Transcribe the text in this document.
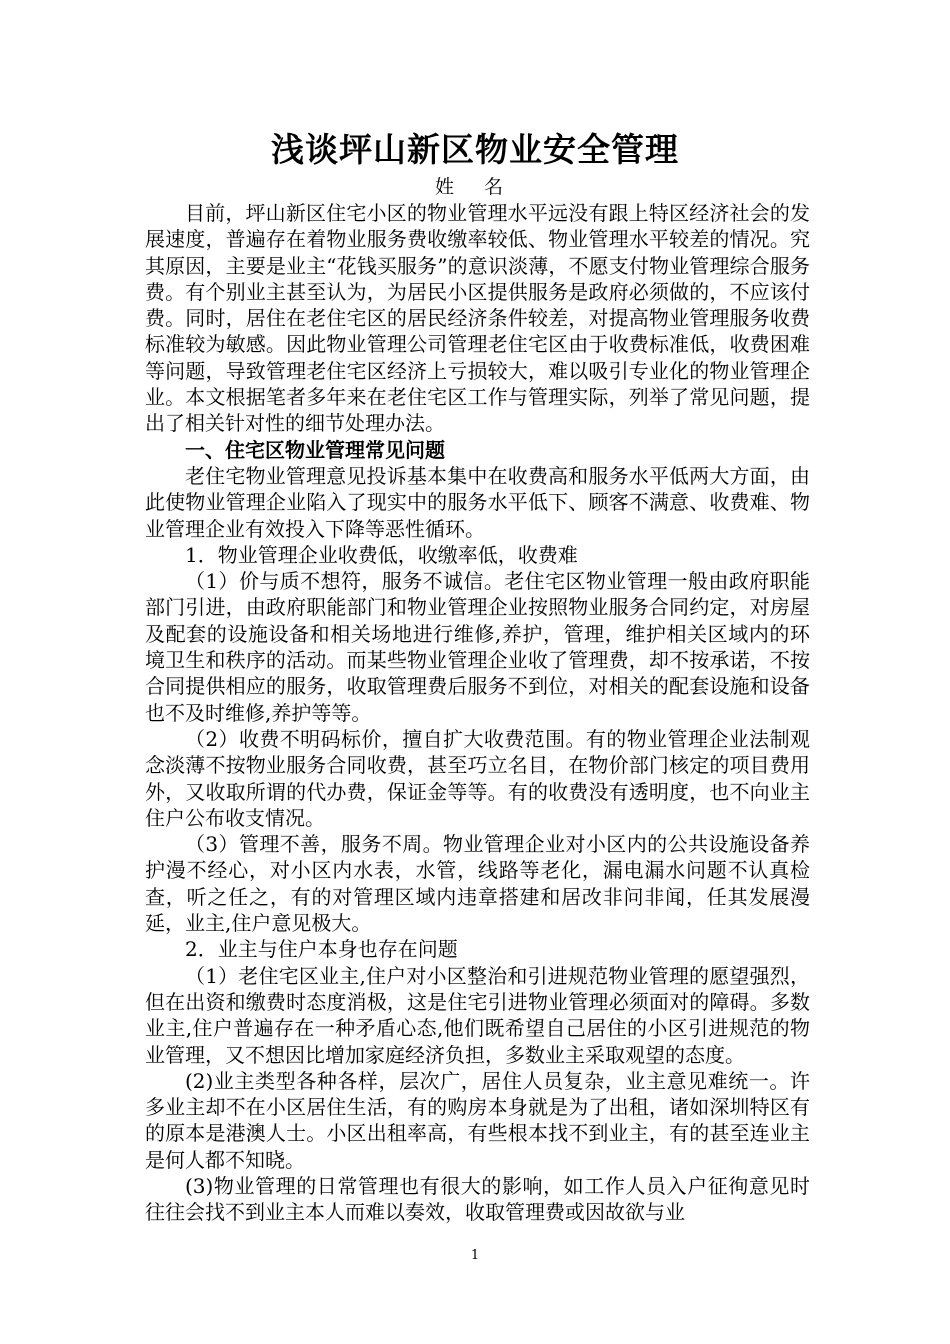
浅谈坪山新区物业安全管理
姓 名

目前，坪山新区住宅小区的物业管理水平远没有跟上特区经济社会的发展速度，普遍存在着物业服务费收缴率较低、物业管理水平较差的情况。究其原因，主要是业主“花钱买服务”的意识淡薄，不愿支付物业管理综合服务费。有个别业主甚至认为，为居民小区提供服务是政府必须做的，不应该付费。同时，居住在老住宅区的居民经济条件较差，对提高物业管理服务收费标准较为敏感。因此物业管理公司管理老住宅区由于收费标准低，收费困难等问题，导致管理老住宅区经济上亏损较大，难以吸引专业化的物业管理企业。本文根据笔者多年来在老住宅区工作与管理实际，列举了常见问题，提出了相关针对性的细节处理办法。

一、住宅区物业管理常见问题

老住宅物业管理意见投诉基本集中在收费高和服务水平低两大方面，由此使物业管理企业陷入了现实中的服务水平低下、顾客不满意、收费难、物业管理企业有效投入下降等恶性循环。

1．物业管理企业收费低，收缴率低，收费难

（1）价与质不想符，服务不诚信。老住宅区物业管理一般由政府职能部门引进，由政府职能部门和物业管理企业按照物业服务合同约定，对房屋及配套的设施设备和相关场地进行维修,养护，管理，维护相关区域内的环境卫生和秩序的活动。而某些物业管理企业收了管理费，却不按承诺，不按合同提供相应的服务，收取管理费后服务不到位，对相关的配套设施和设备也不及时维修,养护等等。

（2）收费不明码标价，擅自扩大收费范围。有的物业管理企业法制观念淡薄不按物业服务合同收费，甚至巧立名目，在物价部门核定的项目费用外，又收取所谓的代办费，保证金等等。有的收费没有透明度，也不向业主住户公布收支情况。

（3）管理不善，服务不周。物业管理企业对小区内的公共设施设备养护漫不经心，对小区内水表，水管，线路等老化，漏电漏水问题不认真检查，听之任之，有的对管理区域内违章搭建和居改非问非闻，任其发展漫延，业主,住户意见极大。

2．业主与住户本身也存在问题

（1）老住宅区业主,住户对小区整治和引进规范物业管理的愿望强烈，但在出资和缴费时态度消极，这是住宅引进物业管理必须面对的障碍。多数业主,住户普遍存在一种矛盾心态,他们既希望自己居住的小区引进规范的物业管理，又不想因比增加家庭经济负担，多数业主采取观望的态度。

(2)业主类型各种各样，层次广，居住人员复杂，业主意见难统一。许多业主却不在小区居住生活，有的购房本身就是为了出租，诸如深圳特区有的原本是港澳人士。小区出租率高，有些根本找不到业主，有的甚至连业主是何人都不知晓。

(3)物业管理的日常管理也有很大的影响，如工作人员入户征徇意见时往往会找不到业主本人而难以奏效，收取管理费或因故欲与业

1
